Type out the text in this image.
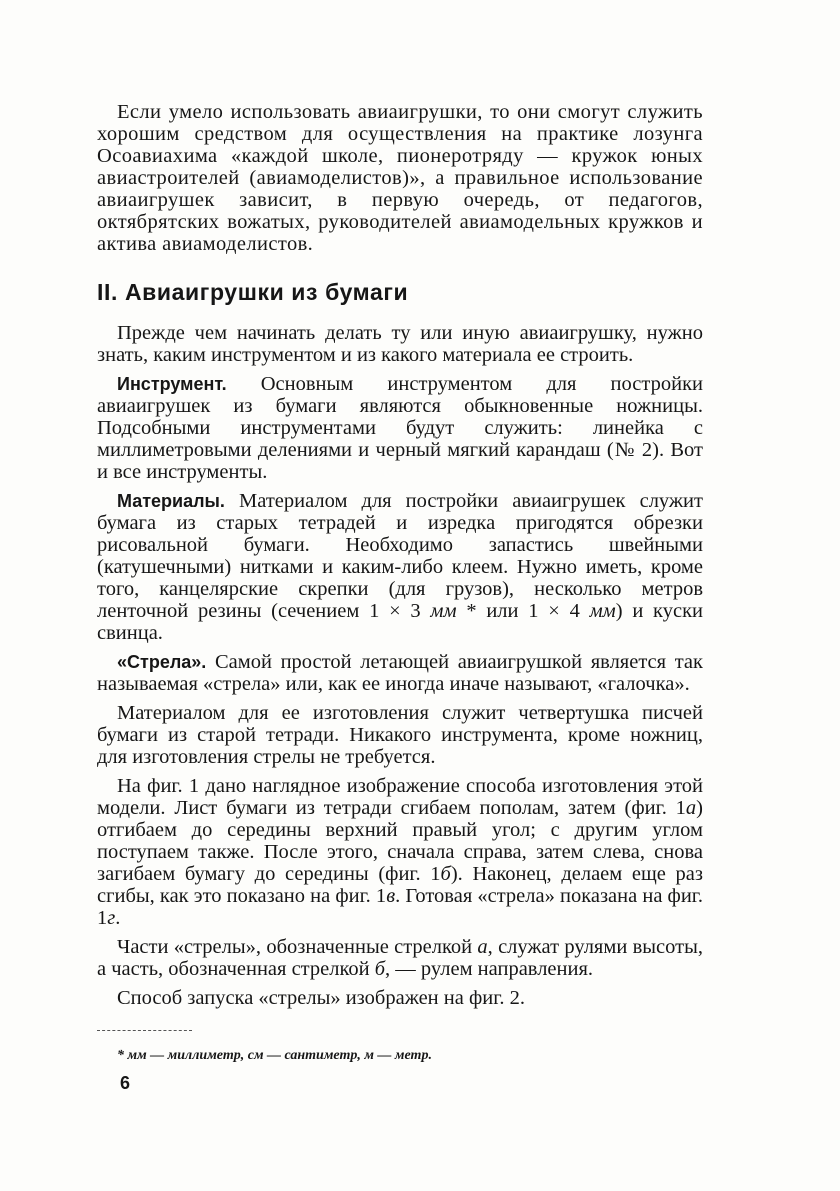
Если умело использовать авиаигрушки, то они смогут служить хорошим средством для осуществления на практике лозунга Осоавиахима «каждой школе, пионеротряду — кружок юных авиастроителей (авиамоделистов)», а правильное использование авиаигрушек зависит, в первую очередь, от педагогов, октябрятских вожатых, руководителей авиамодельных кружков и актива авиамоделистов.

II. Авиаигрушки из бумаги

Прежде чем начинать делать ту или иную авиаигрушку, нужно знать, каким инструментом и из какого материала ее строить.

Инструмент. Основным инструментом для постройки авиаигрушек из бумаги являются обыкновенные ножницы. Подсобными инструментами будут служить: линейка с миллиметровыми делениями и черный мягкий карандаш (№ 2). Вот и все инструменты.

Материалы. Материалом для постройки авиаигрушек служит бумага из старых тетрадей и изредка пригодятся обрезки рисовальной бумаги. Необходимо запастись швейными (катушечными) нитками и каким-либо клеем. Нужно иметь, кроме того, канцелярские скрепки (для грузов), несколько метров ленточной резины (сечением 1 × 3 мм * или 1 × 4 мм) и куски свинца.

«Стрела». Самой простой летающей авиаигрушкой является так называемая «стрела» или, как ее иногда иначе называют, «галочка».

Материалом для ее изготовления служит четвертушка писчей бумаги из старой тетради. Никакого инструмента, кроме ножниц, для изготовления стрелы не требуется.

На фиг. 1 дано наглядное изображение способа изготовления этой модели. Лист бумаги из тетради сгибаем пополам, затем (фиг. 1а) отгибаем до середины верхний правый угол; с другим углом поступаем также. После этого, сначала справа, затем слева, снова загибаем бумагу до середины (фиг. 1б). Наконец, делаем еще раз сгибы, как это показано на фиг. 1в. Готовая «стрела» показана на фиг. 1г.

Части «стрелы», обозначенные стрелкой а, служат рулями высоты, а часть, обозначенная стрелкой б, — рулем направления.

Способ запуска «стрелы» изображен на фиг. 2.

* мм — миллиметр, см — сантиметр, м — метр.
6
